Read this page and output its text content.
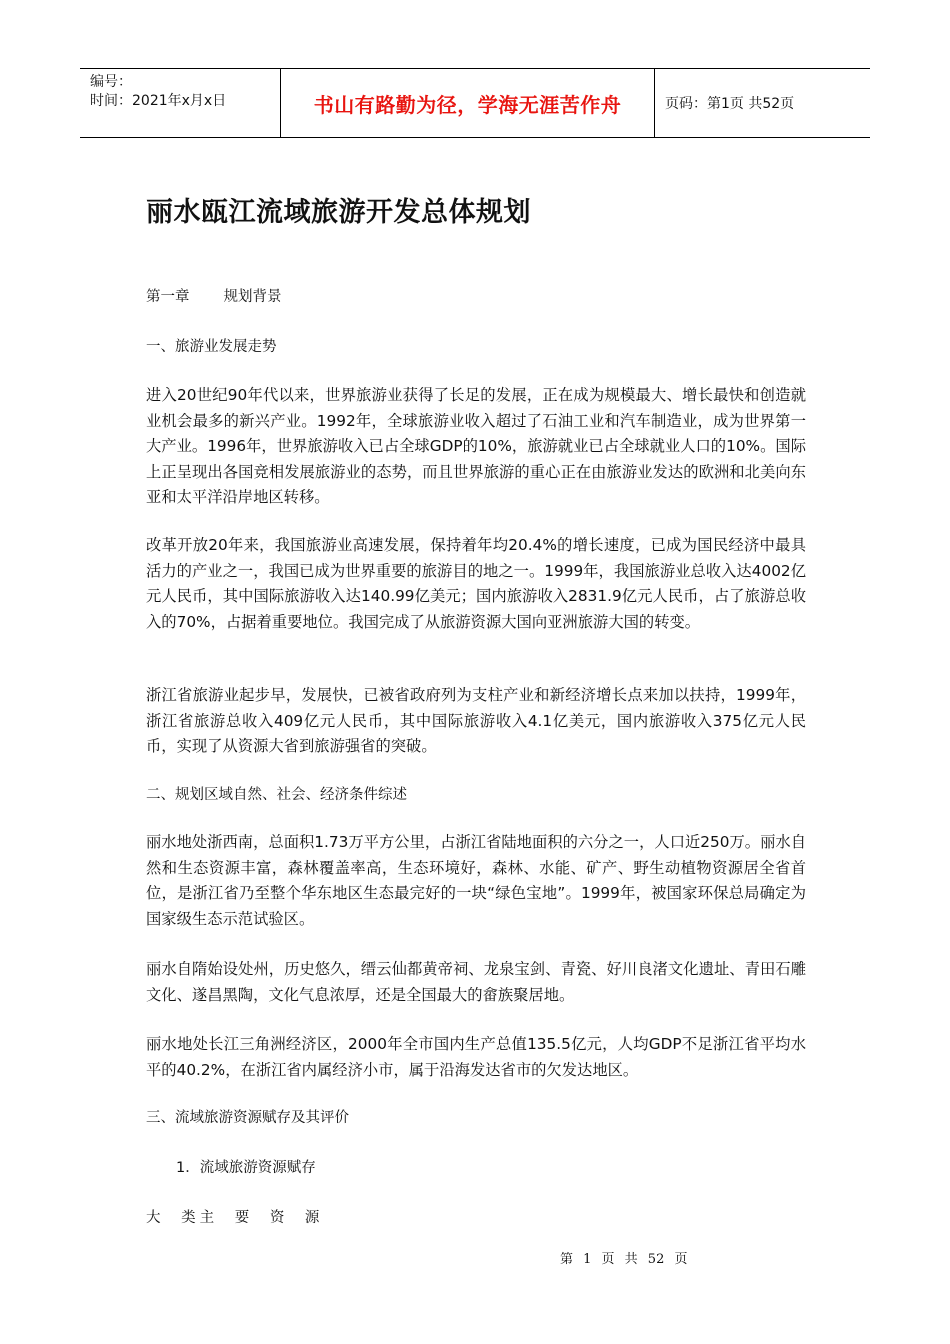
编号：
时间：2021年x月x日	书山有路勤为径，学海无涯苦作舟	页码：第1页 共52页
丽水瓯江流域旅游开发总体规划
第一章 规划背景
一、旅游业发展走势
进入20世纪90年代以来，世界旅游业获得了长足的发展，正在成为规模最大、增长最快和创造就业机会最多的新兴产业。1992年，全球旅游业收入超过了石油工业和汽车制造业，成为世界第一大产业。1996年，世界旅游收入已占全球GDP的10%，旅游就业已占全球就业人口的10%。国际上正呈现出各国竞相发展旅游业的态势，而且世界旅游的重心正在由旅游业发达的欧洲和北美向东亚和太平洋沿岸地区转移。
改革开放20年来，我国旅游业高速发展，保持着年均20.4%的增长速度，已成为国民经济中最具活力的产业之一，我国已成为世界重要的旅游目的地之一。1999年，我国旅游业总收入达4002亿元人民币，其中国际旅游收入达140.99亿美元；国内旅游收入2831.9亿元人民币，占了旅游总收入的70%，占据着重要地位。我国完成了从旅游资源大国向亚洲旅游大国的转变。
浙江省旅游业起步早，发展快，已被省政府列为支柱产业和新经济增长点来加以扶持，1999年，浙江省旅游总收入409亿元人民币，其中国际旅游收入4.1亿美元，国内旅游收入375亿元人民币，实现了从资源大省到旅游强省的突破。
二、规划区域自然、社会、经济条件综述
丽水地处浙西南，总面积1.73万平方公里，占浙江省陆地面积的六分之一，人口近250万。丽水自然和生态资源丰富，森林覆盖率高，生态环境好，森林、水能、矿产、野生动植物资源居全省首位，是浙江省乃至整个华东地区生态最完好的一块“绿色宝地”。1999年，被国家环保总局确定为国家级生态示范试验区。
丽水自隋始设处州，历史悠久，缙云仙都黄帝祠、龙泉宝剑、青瓷、好川良渚文化遗址、青田石雕文化、遂昌黑陶，文化气息浓厚，还是全国最大的畲族聚居地。
丽水地处长江三角洲经济区，2000年全市国内生产总值135.5亿元，人均GDP不足浙江省平均水平的40.2%，在浙江省内属经济小市，属于沿海发达省市的欠发达地区。
三、流域旅游资源赋存及其评价
1．流域旅游资源赋存
大 类主 要 资 源
第 1 页 共 52 页
